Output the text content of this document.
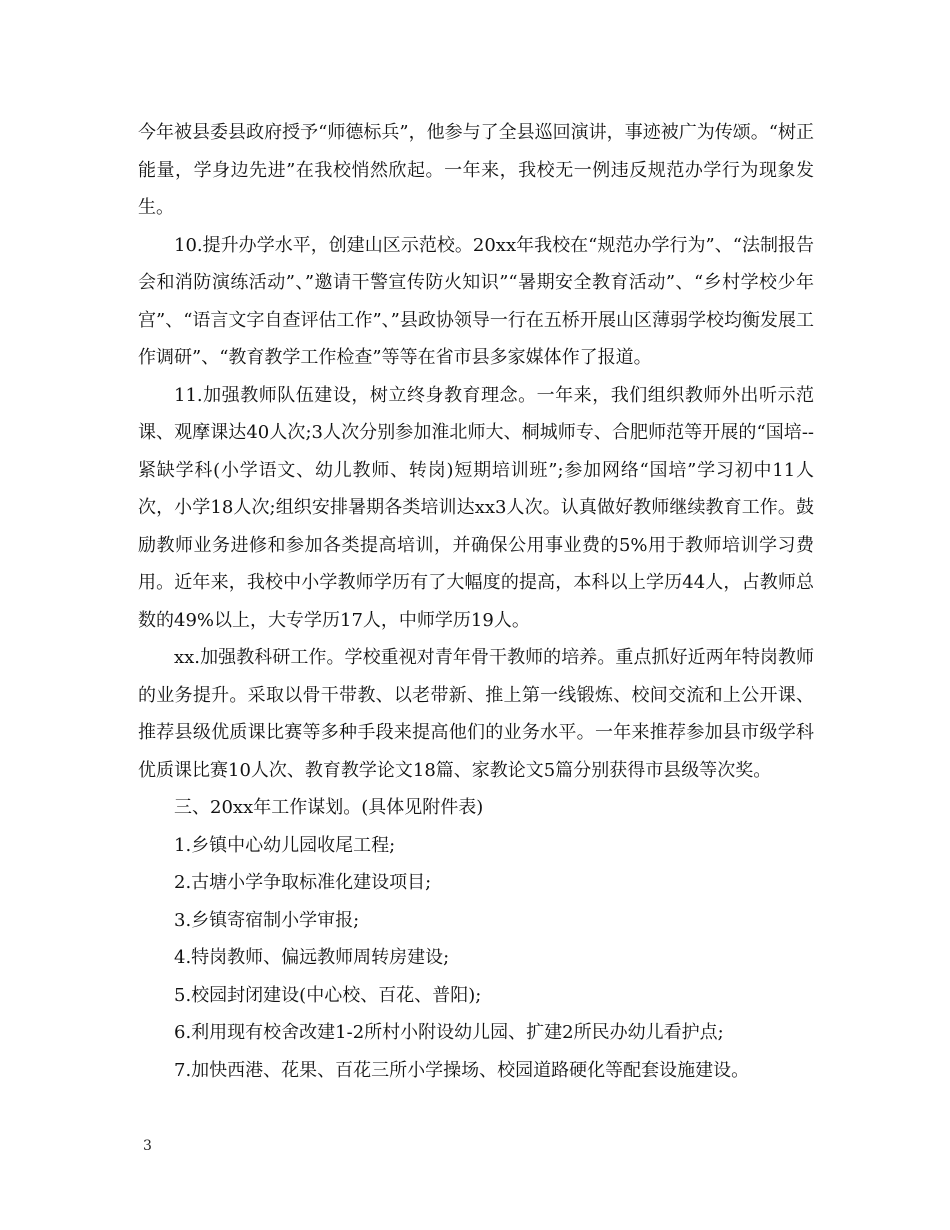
今年被县委县政府授予“师德标兵”，他参与了全县巡回演讲，事迹被广为传颂。“树正能量，学身边先进”在我校悄然欣起。一年来，我校无一例违反规范办学行为现象发生。

10.提升办学水平，创建山区示范校。20xx年我校在“规范办学行为”、“法制报告会和消防演练活动”、”邀请干警宣传防火知识”“暑期安全教育活动”、“乡村学校少年宫”、“语言文字自查评估工作”、”县政协领导一行在五桥开展山区薄弱学校均衡发展工作调研”、“教育教学工作检查”等等在省市县多家媒体作了报道。

11.加强教师队伍建设，树立终身教育理念。一年来，我们组织教师外出听示范课、观摩课达40人次;3人次分别参加淮北师大、桐城师专、合肥师范等开展的“国培--紧缺学科(小学语文、幼儿教师、转岗)短期培训班”;参加网络“国培”学习初中11人次，小学18人次;组织安排暑期各类培训达xx3人次。认真做好教师继续教育工作。鼓励教师业务进修和参加各类提高培训，并确保公用事业费的5%用于教师培训学习费用。近年来，我校中小学教师学历有了大幅度的提高，本科以上学历44人，占教师总数的49%以上，大专学历17人，中师学历19人。

xx.加强教科研工作。学校重视对青年骨干教师的培养。重点抓好近两年特岗教师的业务提升。采取以骨干带教、以老带新、推上第一线锻炼、校间交流和上公开课、推荐县级优质课比赛等多种手段来提高他们的业务水平。一年来推荐参加县市级学科优质课比赛10人次、教育教学论文18篇、家教论文5篇分别获得市县级等次奖。

三、20xx年工作谋划。(具体见附件表)

1.乡镇中心幼儿园收尾工程;

2.古塘小学争取标准化建设项目;

3.乡镇寄宿制小学审报;

4.特岗教师、偏远教师周转房建设;

5.校园封闭建设(中心校、百花、普阳);

6.利用现有校舍改建1-2所村小附设幼儿园、扩建2所民办幼儿看护点;

7.加快西港、花果、百花三所小学操场、校园道路硬化等配套设施建设。

3
